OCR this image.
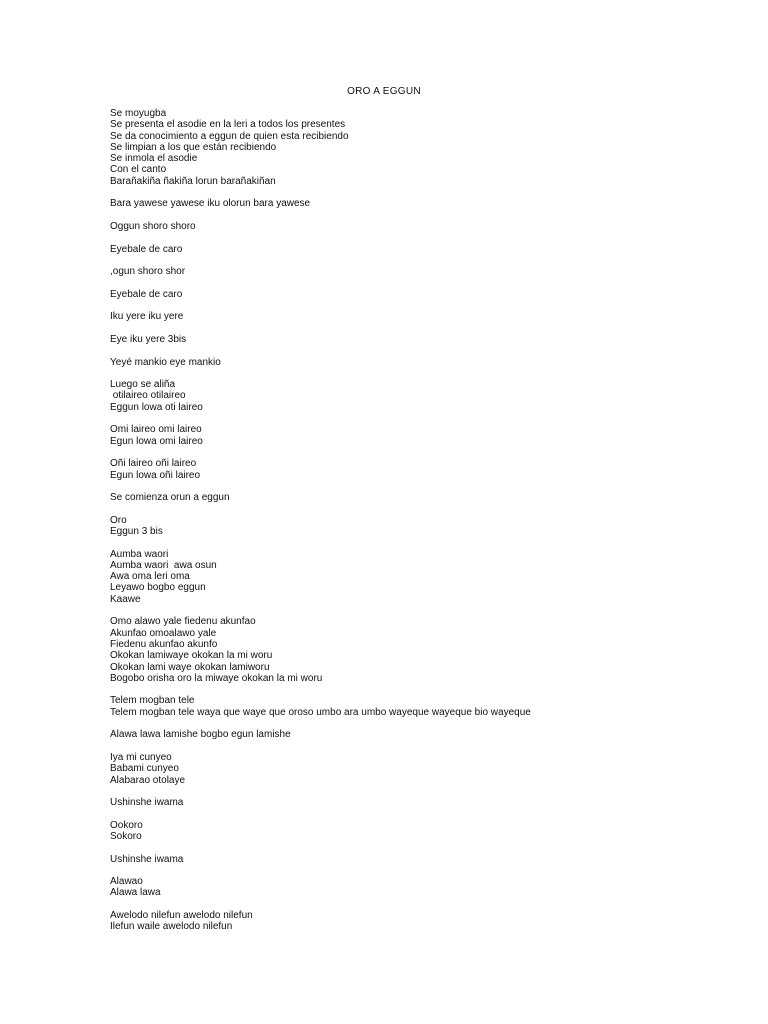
ORO A EGGUN
Se moyugba
Se presenta el asodie en la leri a todos los presentes
Se da conocimiento a eggun de quien esta recibiendo
Se limpian a los que están recibiendo
Se inmola el asodie
Con el canto
Barañakiña ñakiña lorun barañakiñan
Bara yawese yawese iku olorun bara yawese
Oggun shoro shoro
Eyebale de caro
,ogun shoro shor
Eyebale de caro
Iku yere iku yere
Eye iku yere 3bis
Yeyé mankio eye mankio
Luego se aliña
otilaireo otilaireo
Eggun lowa oti laireo
Omi laireo omi laireo
Egun lowa omi laireo
Oñi laireo oñi laireo
Egun lowa oñi laireo
Se comienza orun a eggun
Oro
Eggun 3 bis
Aumba waori
Aumba waori  awa osun
Awa oma leri oma
Leyawo bogbo eggun
Kaawe
Omo alawo yale fiedenu akunfao
Akunfao omoalawo yale
Fiedenu akunfao akunfo
Okokan lamiwaye okokan la mi woru
Okokan lami waye okokan lamiworu
Bogobo orisha oro la miwaye okokan la mi woru
Telem mogban tele
Telem mogban tele waya que waye que oroso umbo ara umbo wayeque wayeque bio wayeque
Alawa lawa lamishe bogbo egun lamishe
Iya mi cunyeo
Babami cunyeo
Alabarao otolaye
Ushinshe iwama
Ookoro
Sokoro
Ushinshe iwama
Alawao
Alawa lawa
Awelodo nilefun awelodo nilefun
Ilefun waile awelodo nilefun
